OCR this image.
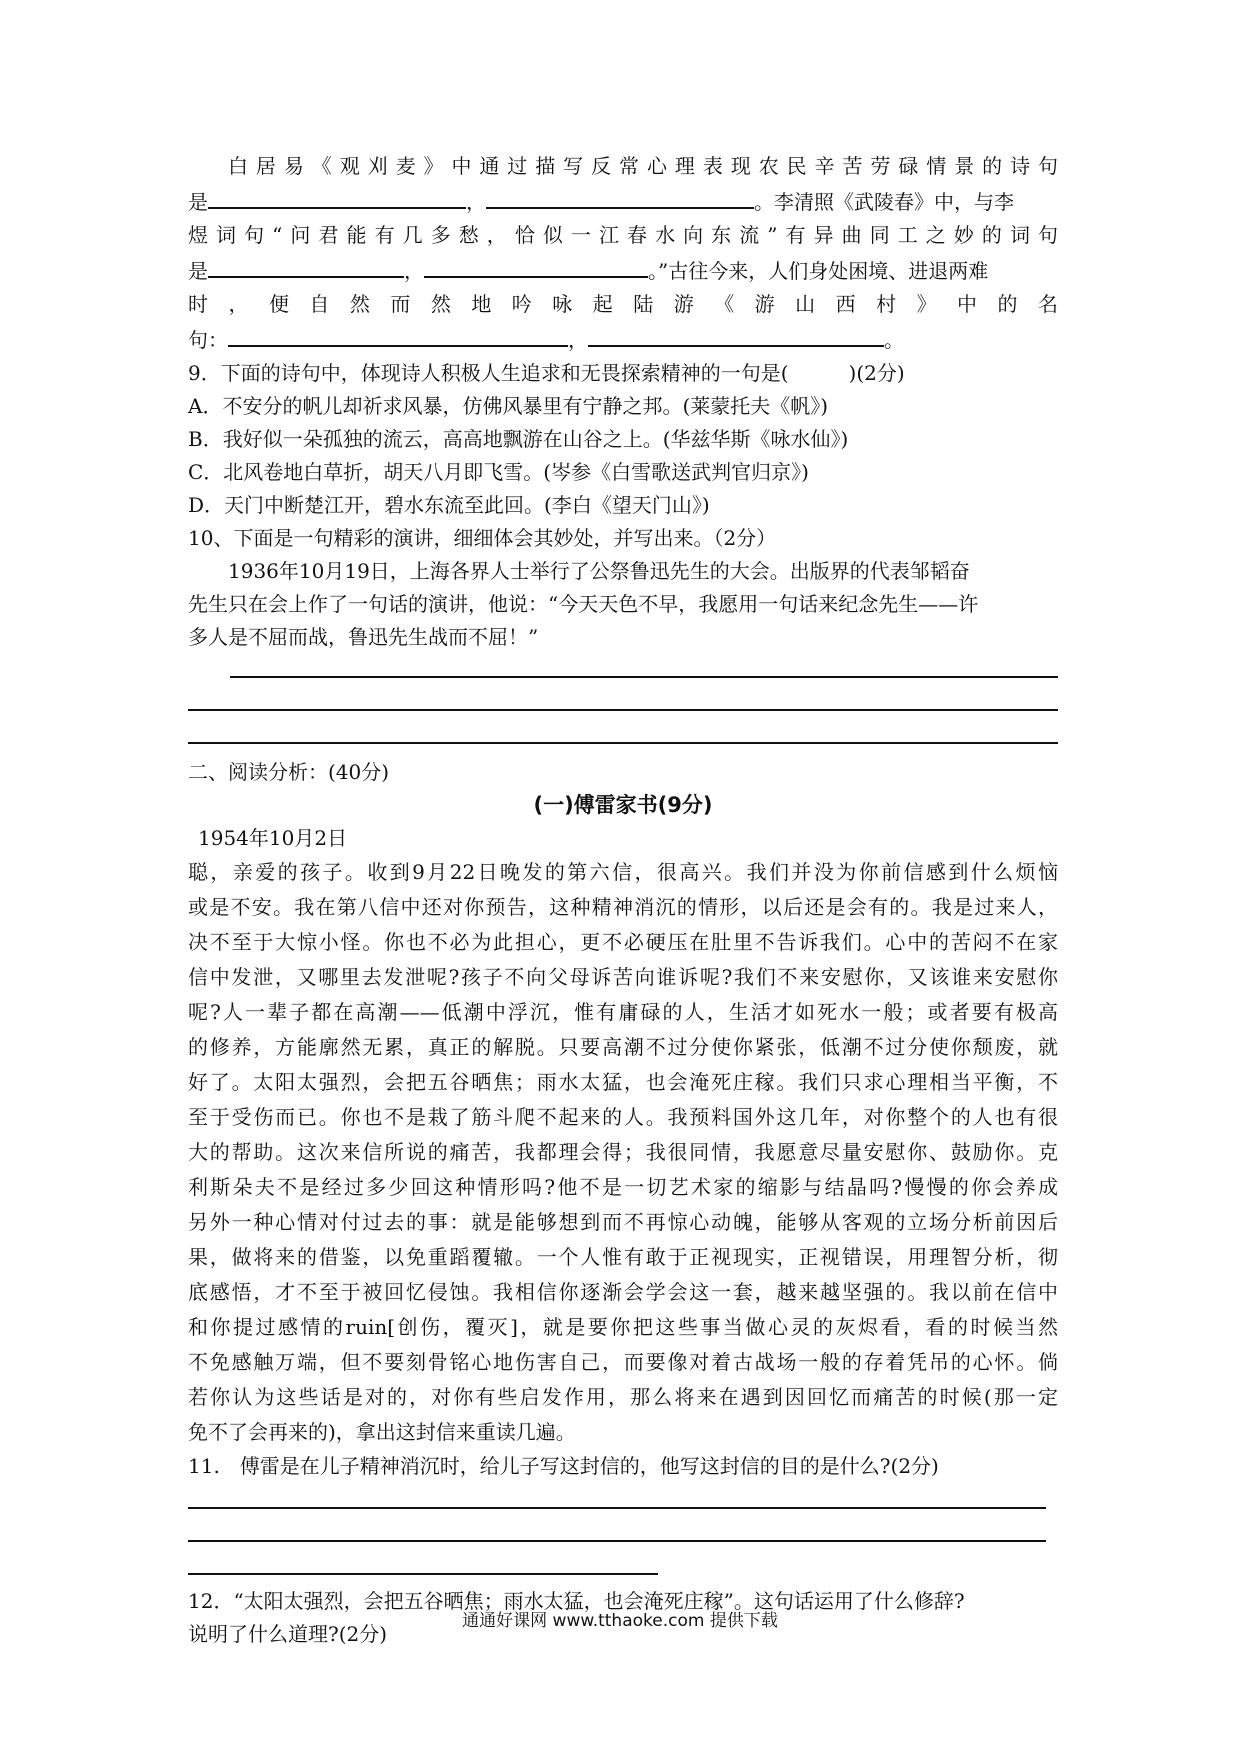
白居易《观刈麦》中通过描写反常心理表现农民辛苦劳碌情景的诗句

是	，	。李清照《武陵春》中，与李

煜词句“问君能有几多愁，恰似一江春水向东流”有异曲同工之妙的词句

是	，	。”古往今来，人们身处困境、进退两难

时，便自然而然地吟咏起陆游《游山西村》中的名

句：	，	。

9．下面的诗句中，体现诗人积极人生追求和无畏探索精神的一句是(　　　)(2分)

A．不安分的帆儿却祈求风暴，仿佛风暴里有宁静之邦。(莱蒙托夫《帆》)

B．我好似一朵孤独的流云，高高地飘游在山谷之上。(华兹华斯《咏水仙》)

C．北风卷地白草折，胡天八月即飞雪。(岑参《白雪歌送武判官归京》)

D．天门中断楚江开，碧水东流至此回。(李白《望天门山》)

10、下面是一句精彩的演讲，细细体会其妙处，并写出来。（2分）

1936年10月19日，上海各界人士举行了公祭鲁迅先生的大会。出版界的代表邹韬奋

先生只在会上作了一句话的演讲，他说：“今天天色不早，我愿用一句话来纪念先生——许

多人是不屈而战，鲁迅先生战而不屈！”

二、阅读分析：(40分)

(一)傅雷家书(9分)

1954年10月2日

聪，亲爱的孩子。收到9月22日晚发的第六信，很高兴。我们并没为你前信感到什么烦恼

或是不安。我在第八信中还对你预告，这种精神消沉的情形，以后还是会有的。我是过来人，

决不至于大惊小怪。你也不必为此担心，更不必硬压在肚里不告诉我们。心中的苦闷不在家

信中发泄，又哪里去发泄呢?孩子不向父母诉苦向谁诉呢?我们不来安慰你，又该谁来安慰你

呢?人一辈子都在高潮——低潮中浮沉，惟有庸碌的人，生活才如死水一般；或者要有极高

的修养，方能廓然无累，真正的解脱。只要高潮不过分使你紧张，低潮不过分使你颓废，就

好了。太阳太强烈，会把五谷晒焦；雨水太猛，也会淹死庄稼。我们只求心理相当平衡，不

至于受伤而已。你也不是栽了筋斗爬不起来的人。我预料国外这几年，对你整个的人也有很

大的帮助。这次来信所说的痛苦，我都理会得；我很同情，我愿意尽量安慰你、鼓励你。克

利斯朵夫不是经过多少回这种情形吗?他不是一切艺术家的缩影与结晶吗?慢慢的你会养成

另外一种心情对付过去的事：就是能够想到而不再惊心动魄，能够从客观的立场分析前因后

果，做将来的借鉴，以免重蹈覆辙。一个人惟有敢于正视现实，正视错误，用理智分析，彻

底感悟，才不至于被回忆侵蚀。我相信你逐渐会学会这一套，越来越坚强的。我以前在信中

和你提过感情的ruin[创伤，覆灭]，就是要你把这些事当做心灵的灰烬看，看的时候当然

不免感触万端，但不要刻骨铭心地伤害自己，而要像对着古战场一般的存着凭吊的心怀。倘

若你认为这些话是对的，对你有些启发作用，那么将来在遇到因回忆而痛苦的时候(那一定

免不了会再来的)，拿出这封信来重读几遍。

11.　傅雷是在儿子精神消沉时，给儿子写这封信的，他写这封信的目的是什么?(2分)

12．“太阳太强烈，会把五谷晒焦；雨水太猛，也会淹死庄稼”。这句话运用了什么修辞?

说明了什么道理?(2分)

通通好课网 www.tthaoke.com 提供下载
